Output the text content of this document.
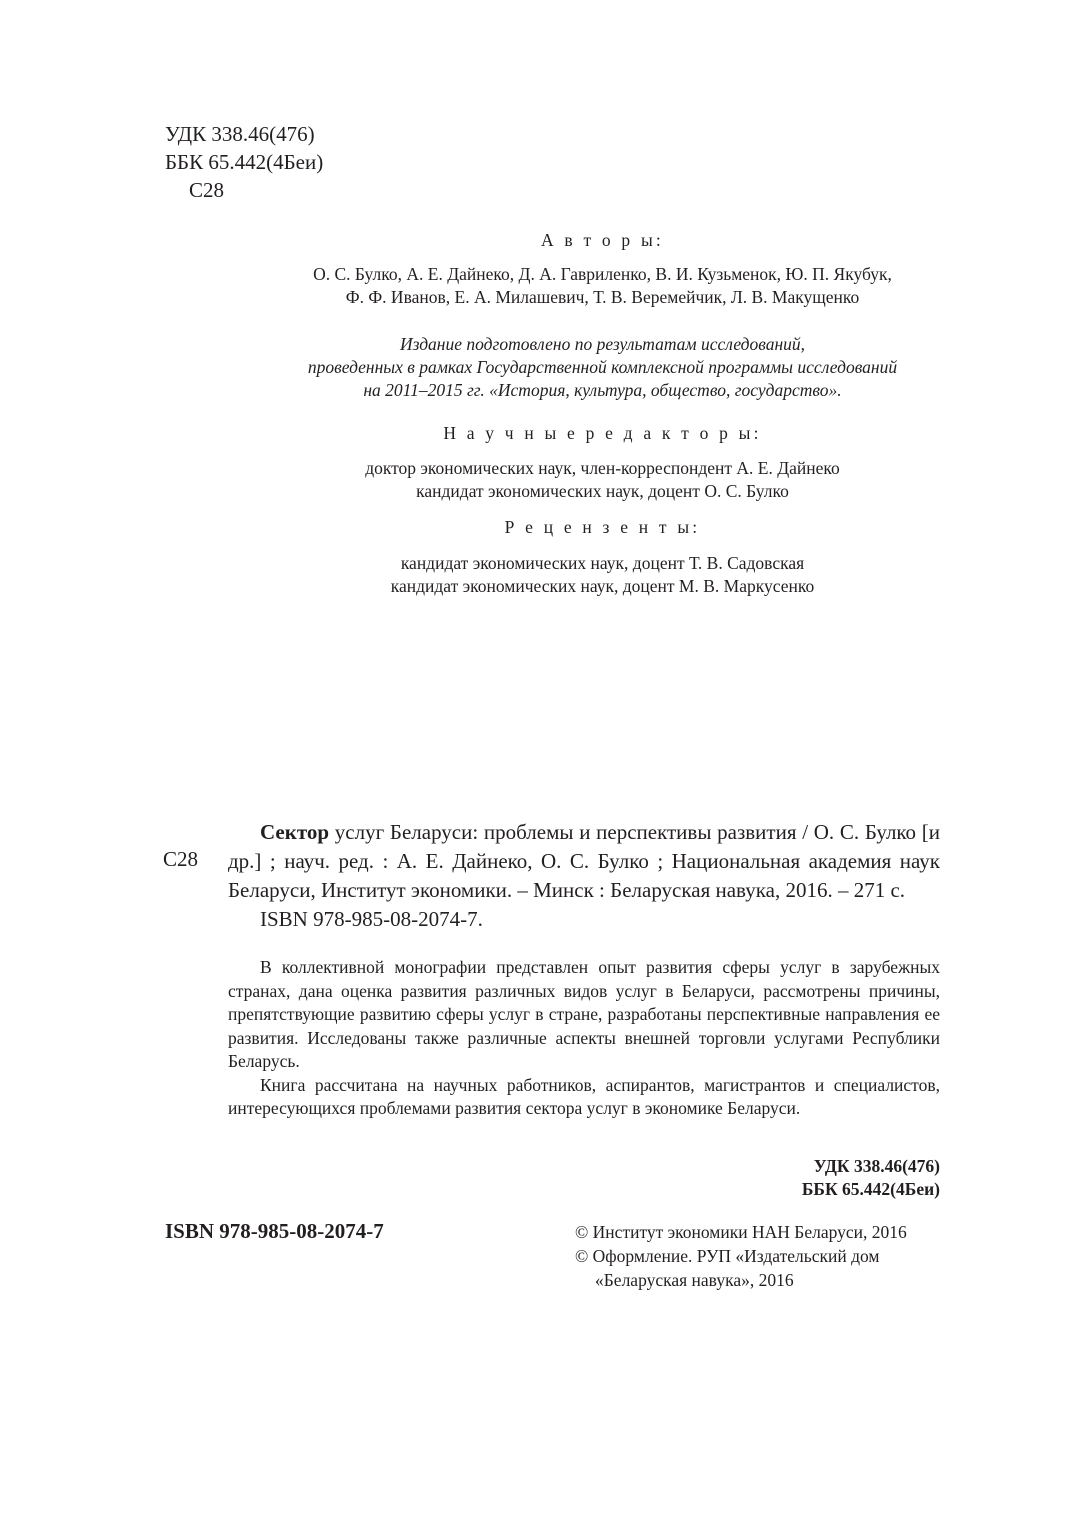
УДК 338.46(476)
ББК 65.442(4Беи)
С28
А в т о р ы:
О. С. Булко, А. Е. Дайнеко, Д. А. Гавриленко, В. И. Кузьменок, Ю. П. Якубук,
Ф. Ф. Иванов, Е. А. Милашевич, Т. В. Веремейчик, Л. В. Макущенко
Издание подготовлено по результатам исследований,
проведенных в рамках Государственной комплексной программы исследований
на 2011–2015 гг. «История, культура, общество, государство».
Н а у ч н ы е р е д а к т о р ы:
доктор экономических наук, член-корреспондент А. Е. Дайнеко
кандидат экономических наук, доцент О. С. Булко
Р е ц е н з е н т ы:
кандидат экономических наук, доцент Т. В. Садовская
кандидат экономических наук, доцент М. В. Маркусенко
С28

Сектор услуг Беларуси: проблемы и перспективы развития / О. С. Булко [и др.] ; науч. ред. : А. Е. Дайнеко, О. С. Булко ; Национальная академия наук Беларуси, Институт экономики. – Минск : Беларуская навука, 2016. – 271 с.

ISBN 978-985-08-2074-7.

В коллективной монографии представлен опыт развития сферы услуг в зарубежных странах, дана оценка развития различных видов услуг в Беларуси, рассмотрены причины, препятствующие развитию сферы услуг в стране, разработаны перспективные направления ее развития. Исследованы также различные аспекты внешней торговли услугами Республики Беларусь.

Книга рассчитана на научных работников, аспирантов, магистрантов и специалистов, интересующихся проблемами развития сектора услуг в экономике Беларуси.

УДК 338.46(476)
ББК 65.442(4Беи)
ISBN 978-985-08-2074-7	© Институт экономики НАН Беларуси, 2016
© Оформление. РУП «Издательский дом
«Беларуская навука», 2016
